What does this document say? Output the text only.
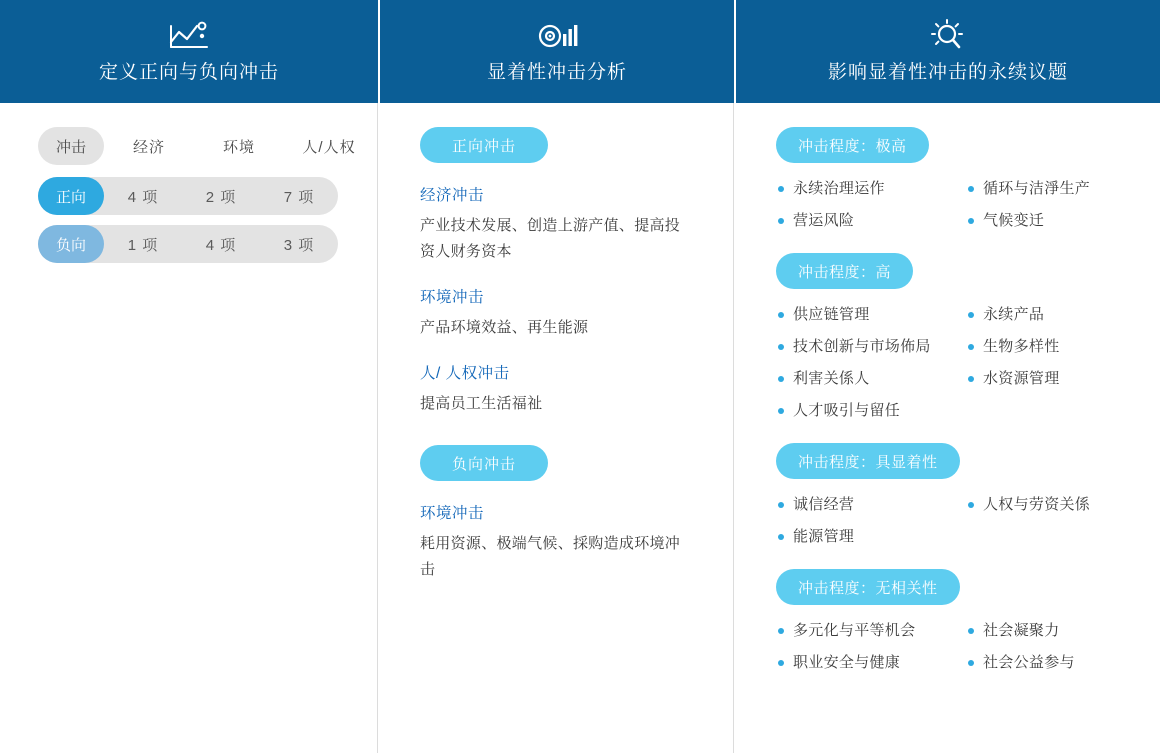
定义正向与负向冲击	显着性冲击分析	影响显着性冲击的永续议题
冲击	经济	环境	人/人权
正向	4 项	2 项	7 项
负向	1 项	4 项	3 项
正向冲击
经济冲击
产业技术发展、创造上游产值、提高投资人财务资本
环境冲击
产品环境效益、再生能源
人/ 人权冲击
提高员工生活福祉
负向冲击
环境冲击
耗用资源、极端气候、採购造成环境冲击
冲击程度：极高
永续治理运作	循环与洁淨生产
营运风险	气候变迁
冲击程度：高
供应链管理	永续产品
技术创新与市场佈局	生物多样性
利害关係人	水资源管理
人才吸引与留任
冲击程度：具显着性
诚信经营	人权与劳资关係
能源管理
冲击程度：无相关性
多元化与平等机会	社会凝聚力
职业安全与健康	社会公益参与
